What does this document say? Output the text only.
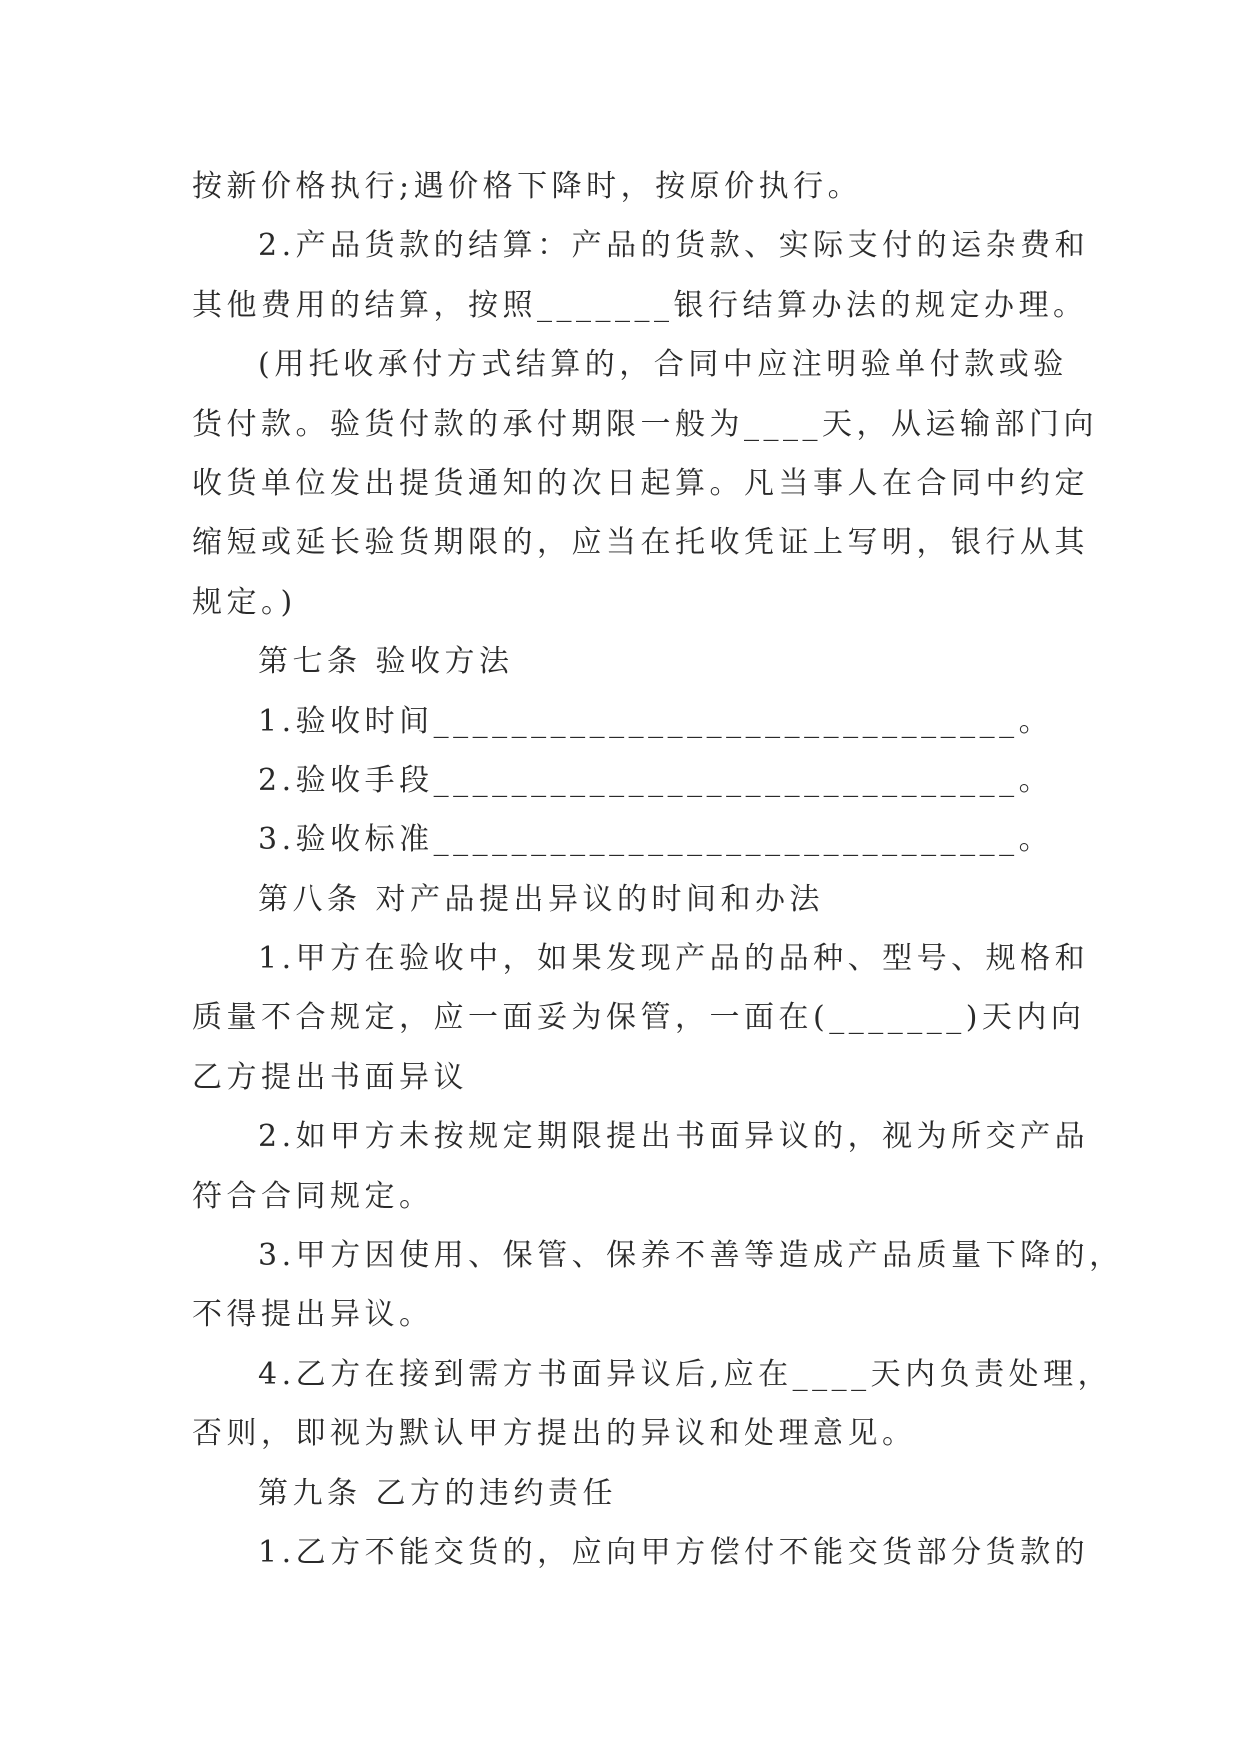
按新价格执行;遇价格下降时，按原价执行。
2.产品货款的结算：产品的货款、实际支付的运杂费和
其他费用的结算，按照_______银行结算办法的规定办理。
(用托收承付方式结算的，合同中应注明验单付款或验
货付款。验货付款的承付期限一般为____天，从运输部门向
收货单位发出提货通知的次日起算。凡当事人在合同中约定
缩短或延长验货期限的，应当在托收凭证上写明，银行从其
规定。)
第七条 验收方法
1.验收时间______________________________。
2.验收手段______________________________。
3.验收标准______________________________。
第八条 对产品提出异议的时间和办法
1.甲方在验收中，如果发现产品的品种、型号、规格和
质量不合规定，应一面妥为保管，一面在(_______)天内向
乙方提出书面异议
2.如甲方未按规定期限提出书面异议的，视为所交产品
符合合同规定。
3.甲方因使用、保管、保养不善等造成产品质量下降的，
不得提出异议。
4.乙方在接到需方书面异议后,应在____天内负责处理，
否则，即视为默认甲方提出的异议和处理意见。
第九条 乙方的违约责任
1.乙方不能交货的，应向甲方偿付不能交货部分货款的
